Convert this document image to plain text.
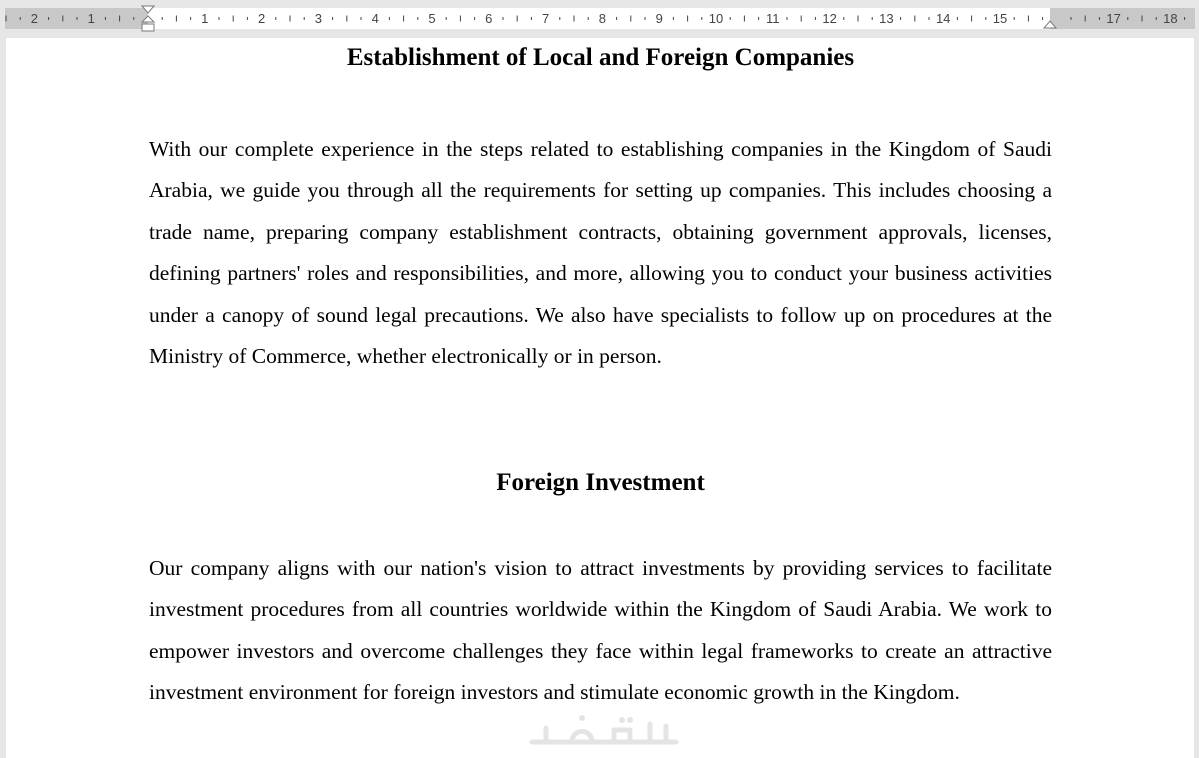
2	1	1	2	3	4	5	6	7	8	9	10	11	12	13	14	15	17	18
Establishment of Local and Foreign Companies

With our complete experience in the steps related to establishing companies in the Kingdom of Saudi Arabia, we guide you through all the requirements for setting up companies. This includes choosing a trade name, preparing company establishment contracts, obtaining government approvals, licenses, defining partners' roles and responsibilities, and more, allowing you to conduct your business activities under a canopy of sound legal precautions. We also have specialists to follow up on procedures at the Ministry of Commerce, whether electronically or in person.

Foreign Investment

Our company aligns with our nation's vision to attract investments by providing services to facilitate investment procedures from all countries worldwide within the Kingdom of Saudi Arabia. We work to empower investors and overcome challenges they face within legal frameworks to create an attractive investment environment for foreign investors and stimulate economic growth in the Kingdom.
